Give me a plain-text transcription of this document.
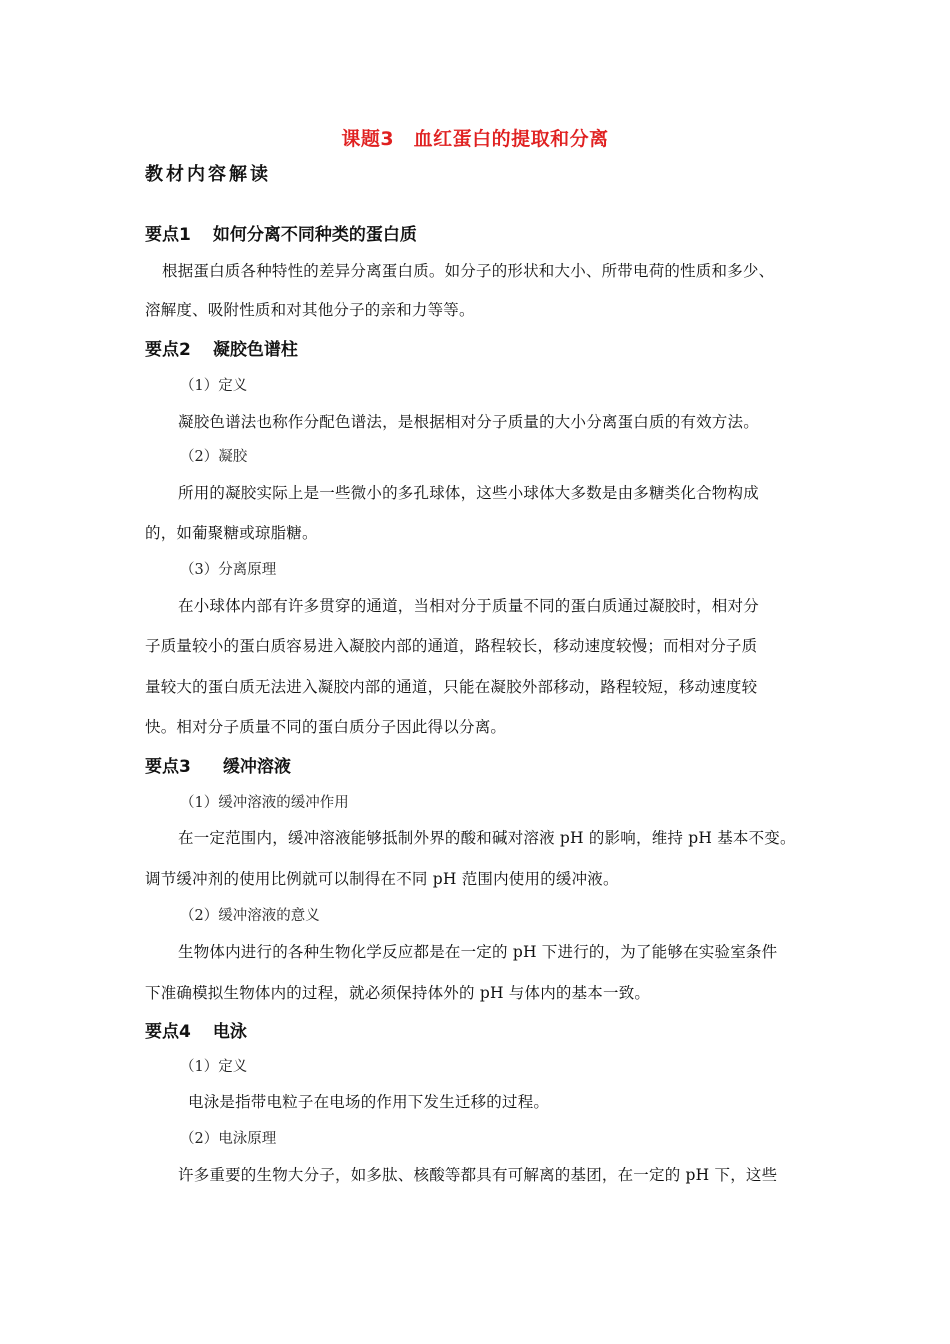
课题3　血红蛋白的提取和分离
教材内容解读
要点1 如何分离不同种类的蛋白质
根据蛋白质各种特性的差异分离蛋白质。如分子的形状和大小、所带电荷的性质和多少、
溶解度、吸附性质和对其他分子的亲和力等等。
要点2 凝胶色谱柱
（1）定义
凝胶色谱法也称作分配色谱法，是根据相对分子质量的大小分离蛋白质的有效方法。
（2）凝胶
所用的凝胶实际上是一些微小的多孔球体，这些小球体大多数是由多糖类化合物构成
的，如葡聚糖或琼脂糖。
（3）分离原理
在小球体内部有许多贯穿的通道，当相对分于质量不同的蛋白质通过凝胶时，相对分
子质量较小的蛋白质容易进入凝胶内部的通道，路程较长，移动速度较慢；而相对分子质
量较大的蛋白质无法进入凝胶内部的通道，只能在凝胶外部移动，路程较短，移动速度较
快。相对分子质量不同的蛋白质分子因此得以分离。
要点3 缓冲溶液
（1）缓冲溶液的缓冲作用
在一定范围内，缓冲溶液能够抵制外界的酸和碱对溶液 pH 的影响，维持 pH 基本不变。
调节缓冲剂的使用比例就可以制得在不同 pH 范围内使用的缓冲液。
（2）缓冲溶液的意义
生物体内进行的各种生物化学反应都是在一定的 pH 下进行的，为了能够在实验室条件
下准确模拟生物体内的过程，就必须保持体外的 pH 与体内的基本一致。
要点4 电泳
（1）定义
电泳是指带电粒子在电场的作用下发生迁移的过程。
（2）电泳原理
许多重要的生物大分子，如多肽、核酸等都具有可解离的基团，在一定的 pH 下，这些
